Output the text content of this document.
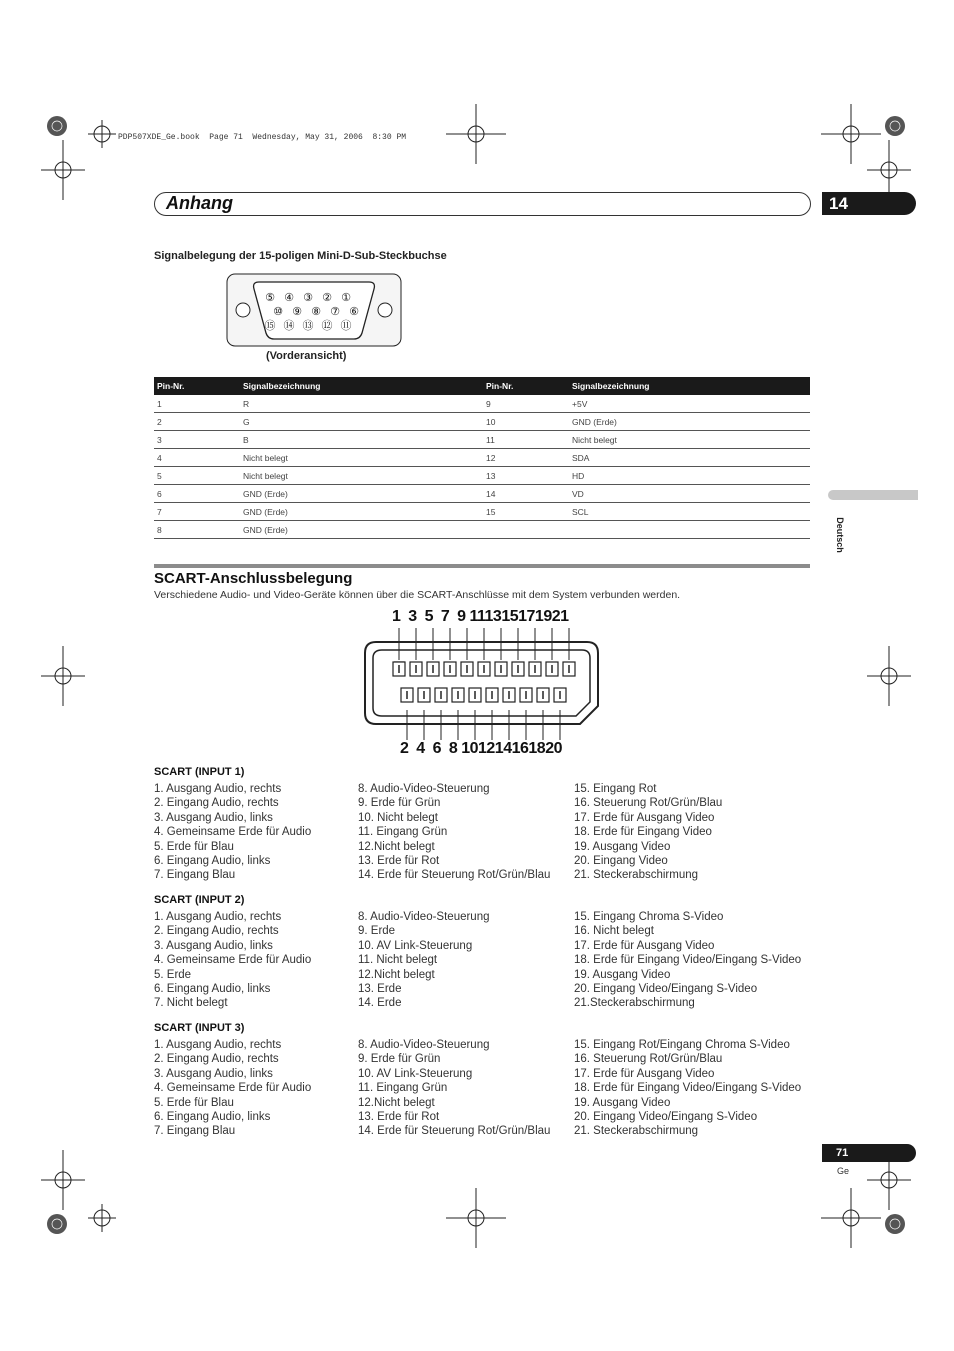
PDP507XDE_Ge.book  Page 71  Wednesday, May 31, 2006  8:30 PM
Anhang	14
Deutsch
Signalbelegung der 15-poligen Mini-D-Sub-Steckbuchse
⑤ ④ ③ ② ①
⑩ ⑨ ⑧ ⑦ ⑥
⑮ ⑭ ⑬ ⑫ ⑪
(Vorderansicht)
Pin-Nr.	Signalbezeichnung	Pin-Nr.	Signalbezeichnung
1	R	9	+5V
2	G	10	GND (Erde)
3	B	11	Nicht belegt
4	Nicht belegt	12	SDA
5	Nicht belegt	13	HD
6	GND (Erde)	14	VD
7	GND (Erde)	15	SCL
8	GND (Erde)		
SCART-Anschlussbelegung
Verschiedene Audio- und Video-Geräte können über die SCART-Anschlüsse mit dem System verbunden werden.
1  3  5  7  9 111315171921
2  4  6  8 101214161820
SCART (INPUT 1)
1. Ausgang Audio, rechts
2. Eingang Audio, rechts
3. Ausgang Audio, links
4. Gemeinsame Erde für Audio
5. Erde für Blau
6. Eingang Audio, links
7. Eingang Blau
8. Audio-Video-Steuerung
9. Erde für Grün
10. Nicht belegt
11. Eingang Grün
12.Nicht belegt
13. Erde für Rot
14. Erde für Steuerung Rot/Grün/Blau
15. Eingang Rot
16. Steuerung Rot/Grün/Blau
17. Erde für Ausgang Video
18. Erde für Eingang Video
19. Ausgang Video
20. Eingang Video
21. Steckerabschirmung
SCART (INPUT 2)
1. Ausgang Audio, rechts
2. Eingang Audio, rechts
3. Ausgang Audio, links
4. Gemeinsame Erde für Audio
5. Erde
6. Eingang Audio, links
7. Nicht belegt
8. Audio-Video-Steuerung
9. Erde
10. AV Link-Steuerung
11. Nicht belegt
12.Nicht belegt
13. Erde
14. Erde
15. Eingang Chroma S-Video
16. Nicht belegt
17. Erde für Ausgang Video
18. Erde für Eingang Video/Eingang S-Video
19. Ausgang Video
20. Eingang Video/Eingang S-Video
21.Steckerabschirmung
SCART (INPUT 3)
1. Ausgang Audio, rechts
2. Eingang Audio, rechts
3. Ausgang Audio, links
4. Gemeinsame Erde für Audio
5. Erde für Blau
6. Eingang Audio, links
7. Eingang Blau
8. Audio-Video-Steuerung
9. Erde für Grün
10. AV Link-Steuerung
11. Eingang Grün
12.Nicht belegt
13. Erde für Rot
14. Erde für Steuerung Rot/Grün/Blau
15. Eingang Rot/Eingang Chroma S-Video
16. Steuerung Rot/Grün/Blau
17. Erde für Ausgang Video
18. Erde für Eingang Video/Eingang S-Video
19. Ausgang Video
20. Eingang Video/Eingang S-Video
21. Steckerabschirmung
71
Ge
